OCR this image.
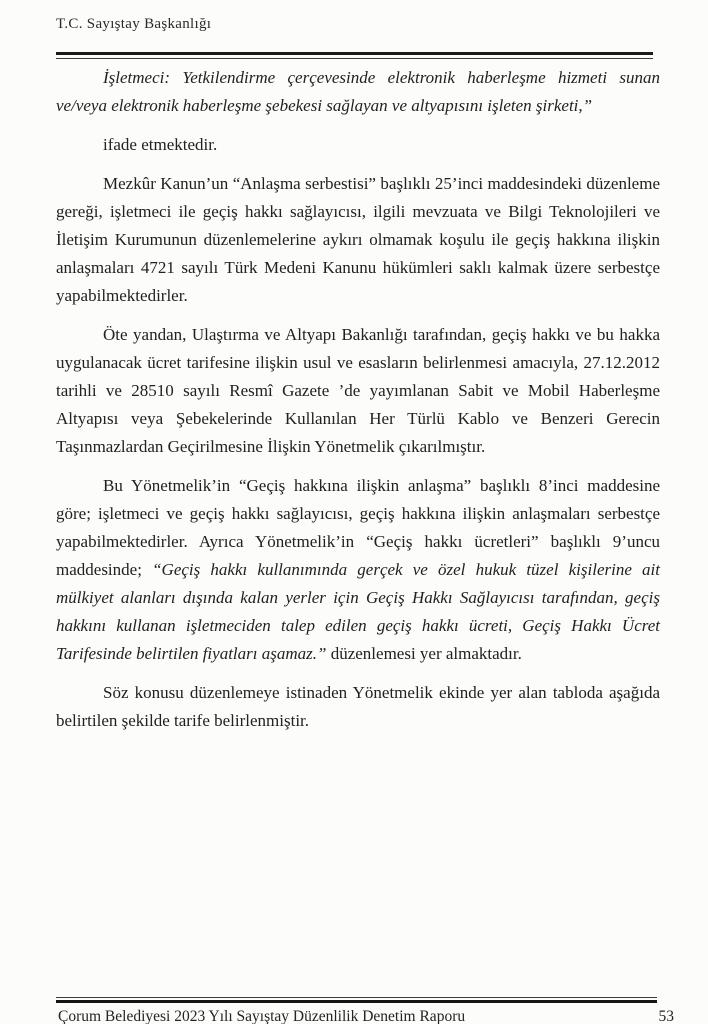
T.C. Sayıştay Başkanlığı

İşletmeci: Yetkilendirme çerçevesinde elektronik haberleşme hizmeti sunan ve/veya elektronik haberleşme şebekesi sağlayan ve altyapısını işleten şirketi,”

ifade etmektedir.

Mezkûr Kanun’un “Anlaşma serbestisi” başlıklı 25’inci maddesindeki düzenleme gereği, işletmeci ile geçiş hakkı sağlayıcısı, ilgili mevzuata ve Bilgi Teknolojileri ve İletişim Kurumunun düzenlemelerine aykırı olmamak koşulu ile geçiş hakkına ilişkin anlaşmaları 4721 sayılı Türk Medeni Kanunu hükümleri saklı kalmak üzere serbestçe yapabilmektedirler.

Öte yandan, Ulaştırma ve Altyapı Bakanlığı tarafından, geçiş hakkı ve bu hakka uygulanacak ücret tarifesine ilişkin usul ve esasların belirlenmesi amacıyla, 27.12.2012 tarihli ve 28510 sayılı Resmî Gazete ’de yayımlanan Sabit ve Mobil Haberleşme Altyapısı veya Şebekelerinde Kullanılan Her Türlü Kablo ve Benzeri Gerecin Taşınmazlardan Geçirilmesine İlişkin Yönetmelik çıkarılmıştır.

Bu Yönetmelik’in “Geçiş hakkına ilişkin anlaşma” başlıklı 8’inci maddesine göre; işletmeci ve geçiş hakkı sağlayıcısı, geçiş hakkına ilişkin anlaşmaları serbestçe yapabilmektedirler. Ayrıca Yönetmelik’in “Geçiş hakkı ücretleri” başlıklı 9’uncu maddesinde; “Geçiş hakkı kullanımında gerçek ve özel hukuk tüzel kişilerine ait mülkiyet alanları dışında kalan yerler için Geçiş Hakkı Sağlayıcısı tarafından, geçiş hakkını kullanan işletmeciden talep edilen geçiş hakkı ücreti, Geçiş Hakkı Ücret Tarifesinde belirtilen fiyatları aşamaz.” düzenlemesi yer almaktadır.

Söz konusu düzenlemeye istinaden Yönetmelik ekinde yer alan tabloda aşağıda belirtilen şekilde tarife belirlenmiştir.

Çorum Belediyesi 2023 Yılı Sayıştay Düzenlilik Denetim Raporu	53
